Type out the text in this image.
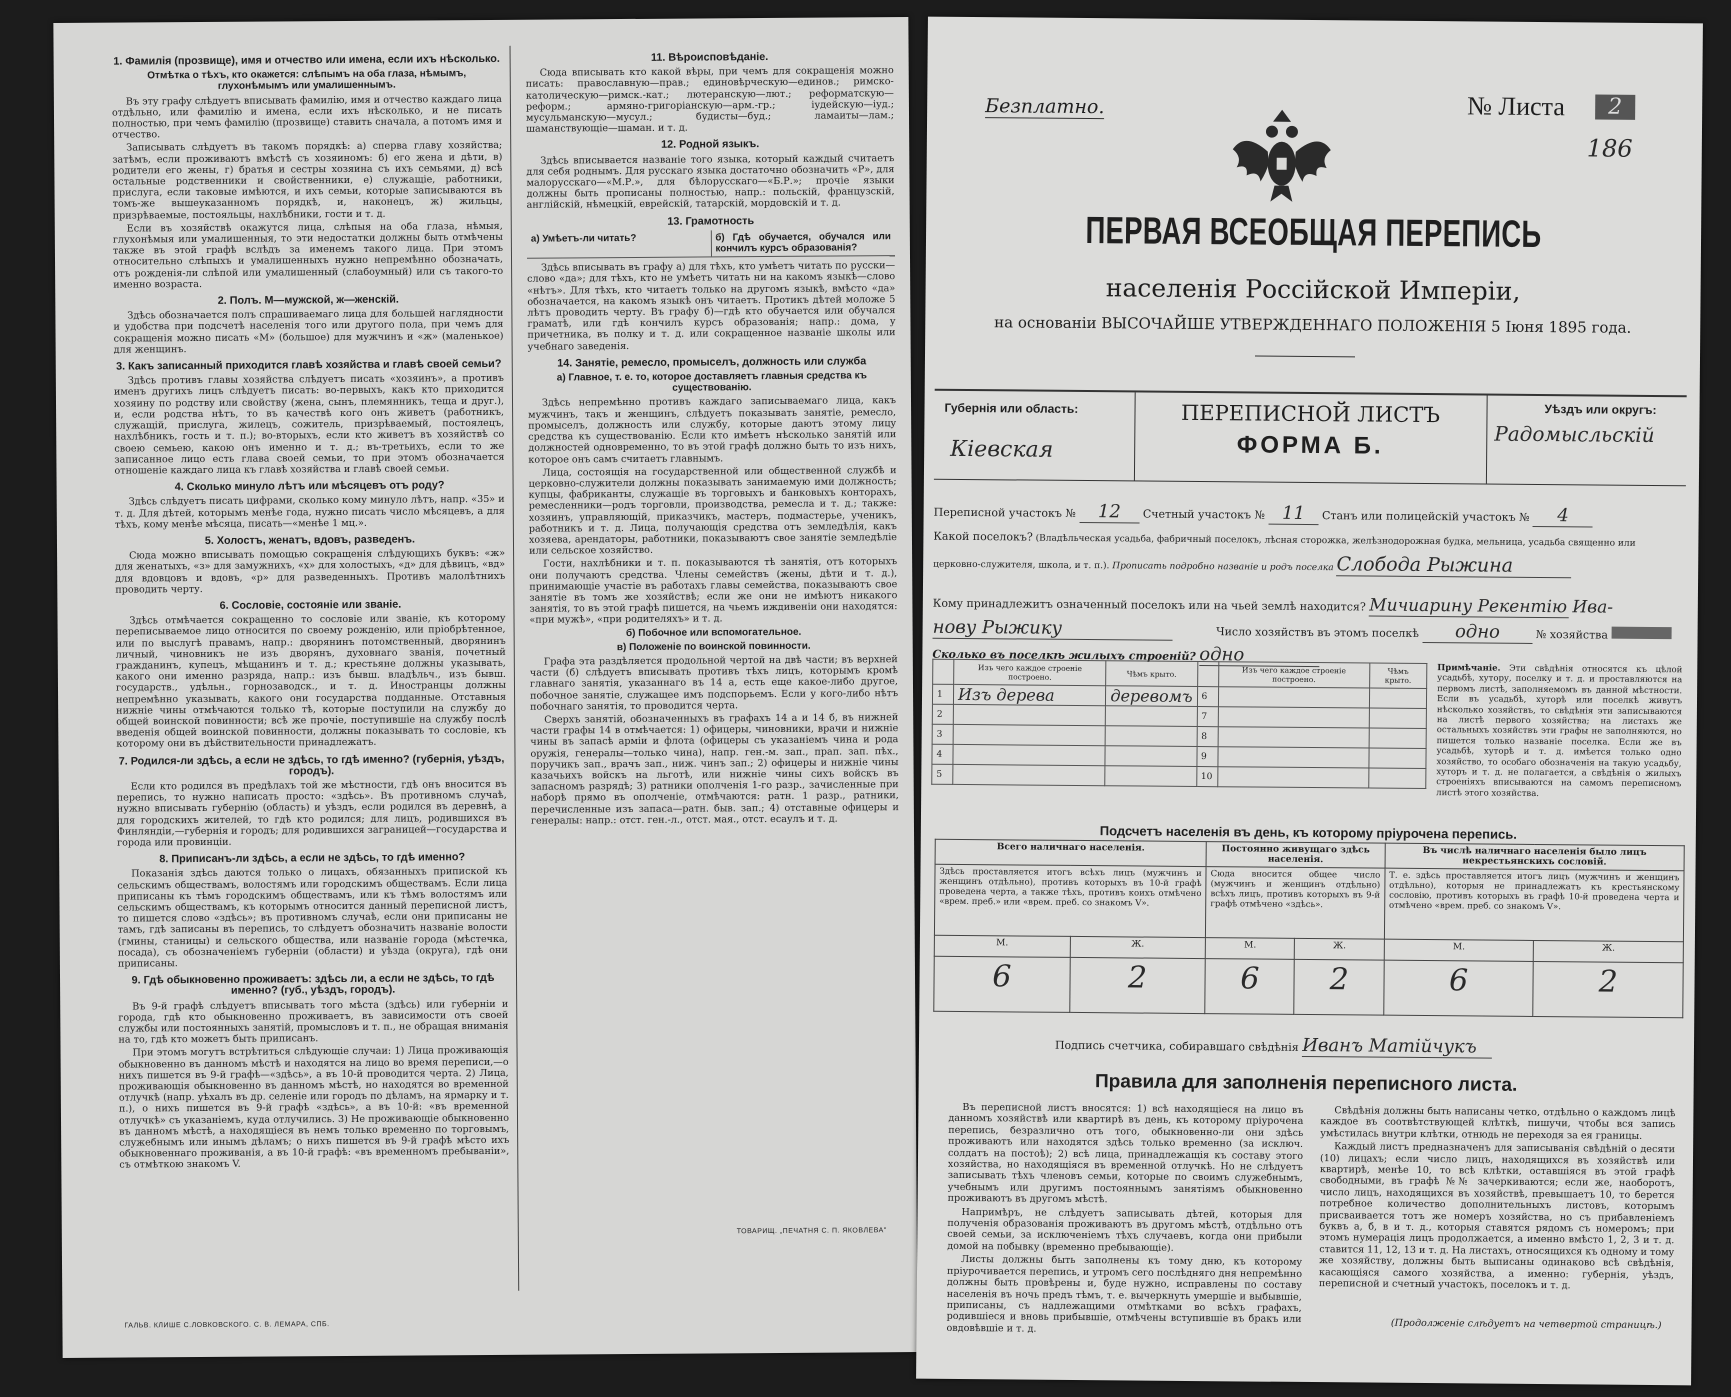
1. Фамилія (прозвище), имя и отчество или имена, если ихъ нѣсколько.
Отмѣтка о тѣхъ, кто окажется: слѣпымъ на оба глаза, нѣмымъ, глухонѣмымъ или умалишеннымъ.
Въ эту графу слѣдуетъ вписывать фамилію, имя и отчество каждаго лица отдѣльно, или фамилію и имена, если ихъ нѣсколько, и не писать полностью, при чемъ фамилію (прозвище) ставить сначала, а потомъ имя и отчество.
Записывать слѣдуетъ въ такомъ порядкѣ: а) сперва главу хозяйства; затѣмъ, если проживаютъ вмѣстѣ съ хозяиномъ: б) его жена и дѣти, в) родители его жены, г) братья и сестры хозяина съ ихъ семьями, д) всѣ остальные родственники и свойственники, е) служащіе, работники, прислуга, если таковые имѣются, и ихъ семьи, которые записываются въ томъ-же вышеуказанномъ порядкѣ, и, наконецъ, ж) жильцы, призрѣваемые, постояльцы, нахлѣбники, гости и т. д.
Если въ хозяйствѣ окажутся лица, слѣпыя на оба глаза, нѣмыя, глухонѣмыя или умалишенныя, то эти недостатки должны быть отмѣчены также въ этой графѣ вслѣдъ за именемъ такого лица. При этомъ относительно слѣпыхъ и умалишенныхъ нужно непремѣнно обозначать, отъ рожденія-ли слѣпой или умалишенный (слабоумный) или съ такого-то именно возраста.
2. Полъ. М—мужской, ж—женскій.
Здѣсь обозначается полъ спрашиваемаго лица для большей наглядности и удобства при подсчетѣ населенія того или другого пола, при чемъ для сокращенія можно писать «М» (большое) для мужчинъ и «ж» (маленькое) для женщинъ.
3. Какъ записанный приходится главѣ хозяйства и главѣ своей семьи?
Здѣсь противъ главы хозяйства слѣдуетъ писать «хозяинъ», а противъ именъ другихъ лицъ слѣдуетъ писать: во-первыхъ, какъ кто приходится хозяину по родству или свойству (жена, сынъ, племянникъ, теща и друг.), и, если родства нѣтъ, то въ качествѣ кого онъ живетъ (работникъ, служащій, прислуга, жилецъ, сожитель, призрѣваемый, постоялецъ, нахлѣбникъ, гость и т. п.); во-вторыхъ, если кто живетъ въ хозяйствѣ со своею семьею, какою онъ именно и т. д.; въ-третьихъ, если то же записанное лицо есть глава своей семьи, то при этомъ обозначается отношеніе каждаго лица къ главѣ хозяйства и главѣ своей семьи.
4. Сколько минуло лѣтъ или мѣсяцевъ отъ роду?
Здѣсь слѣдуетъ писать цифрами, сколько кому минуло лѣтъ, напр. «35» и т. д. Для дѣтей, которымъ менѣе года, нужно писать число мѣсяцевъ, а для тѣхъ, кому менѣе мѣсяца, писать—«менѣе 1 мц.».
5. Холостъ, женатъ, вдовъ, разведенъ.
Сюда можно вписывать помощью сокращенія слѣдующихъ буквъ: «ж» для женатыхъ, «з» для замужнихъ, «х» для холостыхъ, «д» для дѣвицъ, «вд» для вдовцовъ и вдовъ, «р» для разведенныхъ. Противъ малолѣтнихъ проводить черту.
6. Сословіе, состояніе или званіе.
Здѣсь отмѣчается сокращенно то сословіе или званіе, къ которому переписываемое лицо относится по своему рожденію, или пріобрѣтенное, или по выслугѣ правамъ, напр.: дворянинъ потомственный, дворянинъ личный, чиновникъ не изъ дворянъ, духовнаго званія, почетный гражданинъ, купецъ, мѣщанинъ и т. д.; крестьяне должны указывать, какого они именно разряда, напр.: изъ бывш. владѣльч., изъ бывш. государств., удѣльн., горнозаводск., и т. д. Иностранцы должны непремѣнно указывать, какого они государства подданные. Отставныя нижніе чины отмѣчаются только тѣ, которые поступили на службу до общей воинской повинности; всѣ же прочіе, поступившіе на службу послѣ введенія общей воинской повинности, должны показывать то сословіе, къ которому они въ дѣйствительности принадлежатъ.
7. Родился-ли здѣсь, а если не здѣсь, то гдѣ именно? (губернія, уѣздъ, городъ).
Если кто родился въ предѣлахъ той же мѣстности, гдѣ онъ вносится въ перепись, то нужно написать просто: «здѣсь». Въ противномъ случаѣ, нужно вписывать губернію (область) и уѣздъ, если родился въ деревнѣ, а для городскихъ жителей, то гдѣ кто родился; для лицъ, родившихся въ Финляндіи,—губернія и городъ; для родившихся заграницей—государства и города или провинціи.
8. Приписанъ-ли здѣсь, а если не здѣсь, то гдѣ именно?
Показанія здѣсь даются только о лицахъ, обязанныхъ припиской къ сельскимъ обществамъ, волостямъ или городскимъ обществамъ. Если лица приписаны къ тѣмъ городскимъ обществамъ, или къ тѣмъ волостямъ или сельскимъ обществамъ, къ которымъ относится данный переписной листъ, то пишется слово «здѣсь»; въ противномъ случаѣ, если они приписаны не тамъ, гдѣ записаны въ перепись, то слѣдуетъ обозначить названіе волости (гмины, станицы) и сельского общества, или названіе города (мѣстечка, посада), съ обозначеніемъ губерніи (области) и уѣзда (округа), гдѣ они приписаны.
9. Гдѣ обыкновенно проживаетъ: здѣсь ли, а если не здѣсь, то гдѣ именно? (губ., уѣздъ, городъ).
Въ 9-й графѣ слѣдуетъ вписывать того мѣста (здѣсь) или губерніи и города, гдѣ кто обыкновенно проживаетъ, въ зависимости отъ своей службы или постоянныхъ занятій, промысловъ и т. п., не обращая вниманія на то, гдѣ кто можетъ быть приписанъ.
При этомъ могутъ встрѣтиться слѣдующіе случаи: 1) Лица проживающія обыкновенно въ данномъ мѣстѣ и находятся на лицо во время переписи,—о нихъ пишется въ 9-й графѣ—«здѣсь», а въ 10-й проводится черта. 2) Лица, проживающія обыкновенно въ данномъ мѣстѣ, но находятся во временной отлучкѣ (напр. уѣхалъ въ др. селеніе или городъ по дѣламъ, на ярмарку и т. п.), о нихъ пишется въ 9-й графѣ «здѣсь», а въ 10-й: «въ временной отлучкѣ» съ указаніемъ, куда отлучились. 3) Не проживающіе обыкновенно въ данномъ мѣстѣ, а находящіеся въ немъ только временно по торговымъ, служебнымъ или инымъ дѣламъ; о нихъ пишется въ 9-й графѣ мѣсто ихъ обыкновеннаго проживанія, а въ 10-й графѣ: «въ временномъ пребываніи», съ отмѣткою знакомъ V.
11. Вѣроисповѣданіе.
Сюда вписывать кто какой вѣры, при чемъ для сокращенія можно писать: православную—прав.; единовѣрческую—единов.; римско-католическую—римск.-кат.; лютеранскую—лют.; реформатскую—реформ.; армяно-григоріанскую—арм.-гр.; іудейскую—іуд.; мусульманскую—мусул.; будисты—буд.; ламаиты—лам.; шаманствующіе—шаман. и т. д.
12. Родной языкъ.
Здѣсь вписывается названіе того языка, который каждый считаетъ для себя роднымъ. Для русскаго языка достаточно обозначить «Р», для малорусскаго—«М.Р.», для бѣлорусскаго—«Б.Р.»; прочіе языки должны быть прописаны полностью, напр.: польскій, французскій, англійскій, нѣмецкій, еврейскій, татарскій, мордовскій и т. д.
13. Грамотность
а) Умѣетъ-ли читать?	б) Гдѣ обучается, обучался или кончилъ курсъ образованія?
Здѣсь вписывать въ графу а) для тѣхъ, кто умѣетъ читать по русски—слово «да»; для тѣхъ, кто не умѣетъ читать ни на какомъ языкѣ—слово «нѣтъ». Для тѣхъ, кто читаетъ только на другомъ языкѣ, вмѣсто «да» обозначается, на какомъ языкѣ онъ читаетъ. Протикъ дѣтей моложе 5 лѣтъ проводить черту. Въ графу б)—гдѣ кто обучается или обучался граматѣ, или гдѣ кончилъ курсъ образованія; напр.: дома, у причетника, въ полку и т. д. или сокращенное названіе школы или учебнаго заведенія.
14. Занятіе, ремесло, промыселъ, должность или служба
а) Главное, т. е. то, которое доставляетъ главныя средства къ существованію.
Здѣсь непремѣнно противъ каждаго записываемаго лица, какъ мужчинъ, такъ и женщинъ, слѣдуетъ показывать занятіе, ремесло, промыселъ, должность или службу, которые даютъ этому лицу средства къ существованію. Если кто имѣетъ нѣсколько занятій или должностей одновременно, то въ этой графѣ должно быть то изъ нихъ, которое онъ самъ считаетъ главнымъ.
Лица, состоящія на государственной или общественной службѣ и церковно-служители должны показывать занимаемую ими должность; купцы, фабриканты, служащіе въ торговыхъ и банковыхъ конторахъ, ремесленники—родъ торговли, производства, ремесла и т. д.; также: хозяинъ, управляющій, приказчикъ, мастеръ, подмастерье, ученикъ, работникъ и т. д. Лица, получающія средства отъ земледѣлія, какъ хозяева, арендаторы, работники, показываютъ свое занятіе земледѣліе или сельское хозяйство.
Гости, нахлѣбники и т. п. показываются тѣ занятія, отъ которыхъ они получаютъ средства. Члены семействъ (жены, дѣти и т. д.), принимающіе участіе въ работахъ главы семейства, показываютъ свое занятіе въ томъ же хозяйствѣ; если же они не имѣютъ никакого занятія, то въ этой графѣ пишется, на чьемъ иждивеніи они находятся: «при мужѣ», «при родителяхъ» и т. д.
б) Побочное или вспомогательное.
в) Положеніе по воинской повинности.
Графа эта раздѣляется продольной чертой на двѣ части; въ верхней части (б) слѣдуетъ вписывать противъ тѣхъ лицъ, которымъ кромѣ главнаго занятія, указаннаго въ 14 а, есть еще какое-либо другое, побочное занятіе, служащее имъ подспорьемъ. Если у кого-либо нѣтъ побочнаго занятія, то проводится черта.
Сверхъ занятій, обозначенныхъ въ графахъ 14 а и 14 б, въ нижней части графы 14 в отмѣчается: 1) офицеры, чиновники, врачи и нижніе чины въ запасѣ арміи и флота (офицеры съ указаніемъ чина и рода оружія, генералы—только чина), напр. ген.-м. зап., прап. зап. пѣх., поручикъ зап., врачъ зап., ниж. чинъ зап.; 2) офицеры и нижніе чины казачьихъ войскъ на льготѣ, или нижніе чины сихъ войскъ въ запасномъ разрядѣ; 3) ратники ополченія 1-го разр., зачисленные при наборѣ прямо въ ополченіе, отмѣчаются: ратн. 1 разр., ратники, перечисленные изъ запаса—ратн. быв. зап.; 4) отставные офицеры и генералы: напр.: отст. ген.-л., отст. мая., отст. есаулъ и т. д.
ГАЛЬВ. КЛИШЕ С.ЛОВКОВСКОГО. С. В. ЛЕМАРА, СПБ.
ТОВАРИЩ. „ПЕЧАТНЯ С. П. ЯКОВЛЕВА"
Безплатно.	№ Листа	2
186
ПЕРВАЯ ВСЕОБЩАЯ ПЕРЕПИСЬ
населенія Россійской Имперіи,
на основаніи ВЫСОЧАЙШЕ УТВЕРЖДЕННАГО ПОЛОЖЕНІЯ 5 Іюня 1895 года.
Губернія или область:
Кіевская
ПЕРЕПИСНОЙ ЛИСТЪ
ФОРМА Б.
Уѣздъ или округъ:
Радомысльскій
Переписной участокъ № 12 Счетный участокъ № 11 Станъ или полицейскій участокъ № 4
Какой поселокъ? (Владѣльческая усадьба, фабричный поселокъ, лѣсная сторожка, желѣзнодорожная будка, мельница, усадьба священно или
церковно-служителя, школа, и т. п.). Прописать подробно названіе и родъ поселка Слобода Рыжина
Кому принадлежитъ означенный поселокъ или на чьей землѣ находится? Мичиарину Рекентію Ива-
нову Рыжику	Число хозяйствъ въ этомъ поселкѣ одно	№ хозяйства
Сколько въ поселкѣ жилыхъ строеній? одно
	Изъ чего каждое строеніе построено.	Чѣмъ крыто.		Изъ чего каждое строеніе построено.	Чѣмъ крыто.
1	Изъ дерева	деревомъ	6		
2			7		
3			8		
4			9		
5			10		
Примѣчаніе. Эти свѣдѣнія относятся къ цѣлой усадьбѣ, хутору, поселку и т. д. и проставляются на первомъ листѣ, заполняемомъ въ данной мѣстности. Если въ усадьбѣ, хуторѣ или поселкѣ живутъ нѣсколько хозяйствъ, то свѣдѣнія эти записываются на листѣ первого хозяйства; на листахъ же остальныхъ хозяйствъ эти графы не заполняются, но пишется только названіе поселка. Если же въ усадьбѣ, хуторѣ и т. д. имѣется только одно хозяйство, то особаго обозначенія на такую усадьбу, хуторъ и т. д. не полагается, а свѣдѣнія о жилыхъ строеніяхъ вписываются на самомъ переписномъ листѣ этого хозяйства.
Подсчетъ населенія въ день, къ которому пріурочена перепись.
Всего наличнаго населенія.		Постоянно живущаго здѣсь населенія.		Въ числѣ наличнаго населенія было лицъ некрестьянскихъ сословій.	
Здѣсь проставляется итогъ всѣхъ лицъ (мужчинъ и женщинъ отдѣльно), противъ которыхъ въ 10-й графѣ проведена черта, а также тѣхъ, противъ коихъ отмѣчено «врем. преб.» или «врем. преб. со знакомъ V».		Сюда вносится общее число (мужчинъ и женщинъ отдѣльно) всѣхъ лицъ, противъ которыхъ въ 9-й графѣ отмѣчено «здѣсь».		Т. е. здѣсь проставляется итогъ лицъ (мужчинъ и женщинъ отдѣльно), которыя не принадлежатъ къ крестьянскому сословію, противъ которыхъ въ графѣ 10-й проведена черта и отмѣчено «врем. преб. со знакомъ V».	
М.	Ж.	М.	Ж.	М.	Ж.
6	2	6	2	6	2
Подпись счетчика, собиравшаго свѣдѣнія Иванъ Матійчукъ
Правила для заполненія переписного листа.
Въ переписной листъ вносятся: 1) всѣ находящіеся на лицо въ данномъ хозяйствѣ или квартирѣ въ день, къ которому пріурочена перепись, безразлично отъ того, обыкновенно-ли они здѣсь проживаютъ или находятся здѣсь только временно (за исключ. солдатъ на постоѣ); 2) всѣ лица, принадлежащія къ составу этого хозяйства, но находящіяся въ временной отлучкѣ. Но не слѣдуетъ записывать тѣхъ членовъ семьи, которые по своимъ служебнымъ, учебнымъ или другимъ постояннымъ занятіямъ обыкновенно проживаютъ въ другомъ мѣстѣ.
Напримѣръ, не слѣдуетъ записывать дѣтей, которыя для полученія образованія проживаютъ въ другомъ мѣстѣ, отдѣльно отъ своей семьи, за исключеніемъ тѣхъ случаевъ, когда они прибыли домой на побывку (временно пребывающіе).
Листы должны быть заполнены къ тому дню, къ которому пріурочивается перепись, и утромъ сего послѣдняго дня непремѣнно должны быть провѣрены и, буде нужно, исправлены по составу населенія въ ночь предъ тѣмъ, т. е. вычеркнуть умершіе и выбывшіе, приписаны, съ надлежащими отмѣтками во всѣхъ графахъ, родившіеся и вновь прибывшіе, отмѣчены вступившіе въ бракъ или овдовѣвшіе и т. д.
Свѣдѣнія должны быть написаны четко, отдѣльно о каждомъ лицѣ каждое въ соотвѣтствующей клѣткѣ, пишучи, чтобы вся запись умѣстилась внутри клѣтки, отнюдь не переходя за ея границы.
Каждый листъ предназначенъ для записыванія свѣдѣній о десяти (10) лицахъ; если число лицъ, находящихся въ хозяйствѣ или квартирѣ, менѣе 10, то всѣ клѣтки, оставшіяся въ этой графѣ свободными, въ графѣ №№ зачеркиваются; если же, наоборотъ, число лицъ, находящихся въ хозяйствѣ, превышаетъ 10, то берется потребное количество дополнительныхъ листовъ, которымъ присваивается тотъ же номеръ хозяйства, но съ прибавленіемъ буквъ а, б, в и т. д., которыя ставятся рядомъ съ номеромъ; при этомъ нумерація лицъ продолжается, а именно вмѣсто 1, 2, 3 и т. д. ставится 11, 12, 13 и т. д. На листахъ, относящихся къ одному и тому же хозяйству, должны быть выписаны одинаково всѣ свѣдѣнія, касающіяся самого хозяйства, а именно: губернія, уѣздъ, переписной и счетный участокъ, поселокъ и т. д.
(Продолженіе слѣдуетъ на четвертой страницѣ.)
